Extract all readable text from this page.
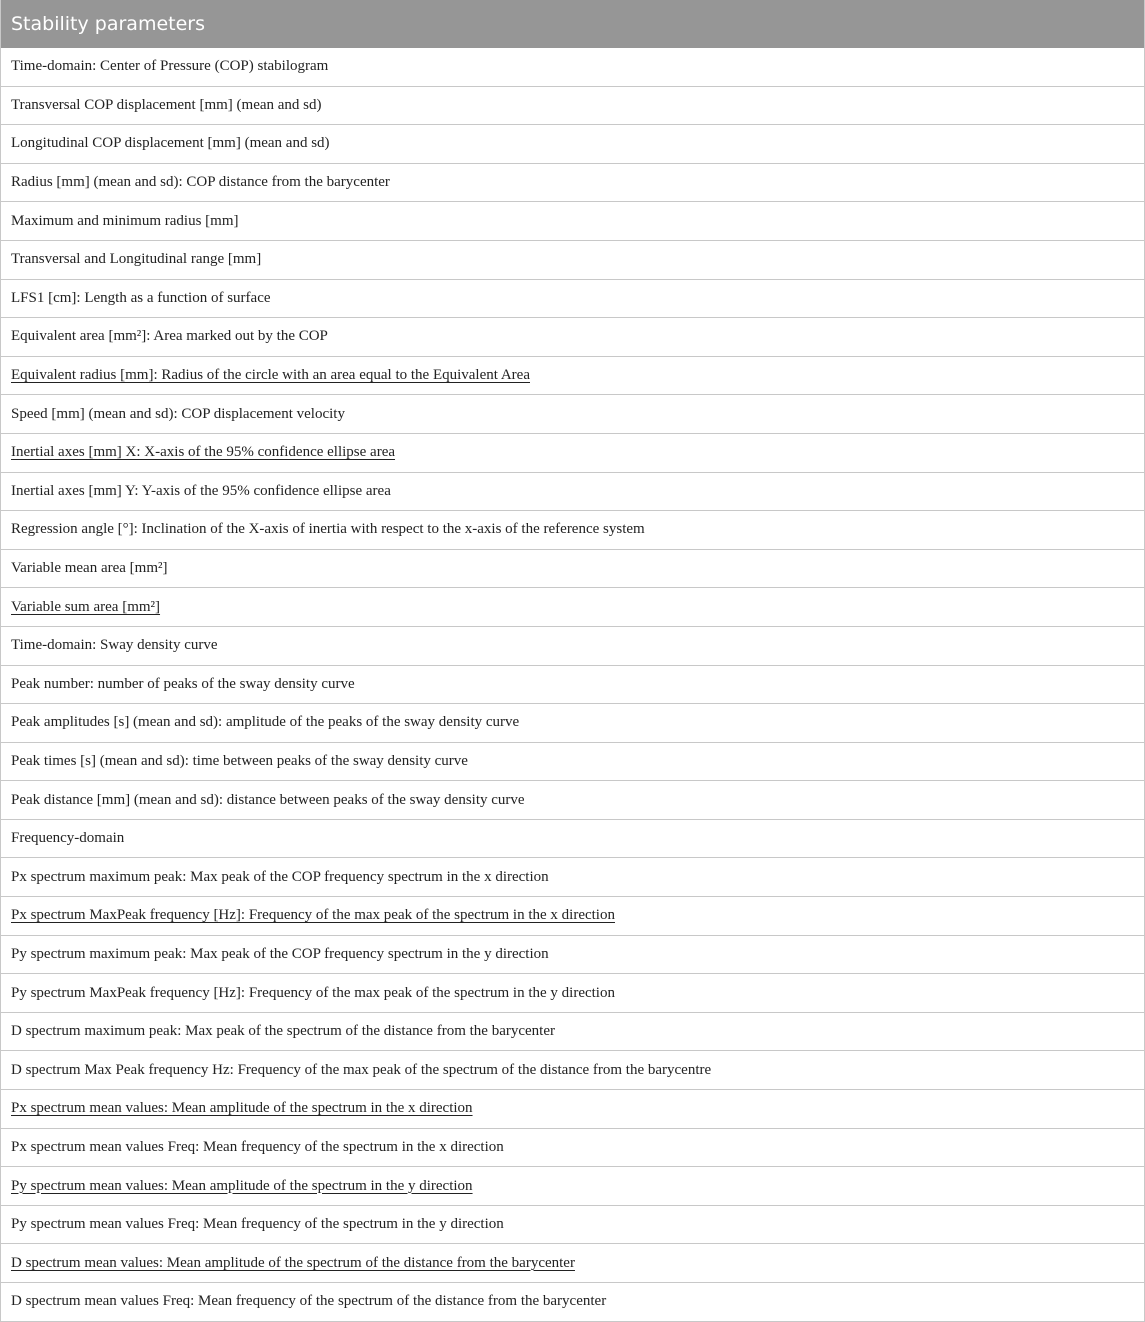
Stability parameters
Time-domain: Center of Pressure (COP) stabilogram
Transversal COP displacement [mm] (mean and sd)
Longitudinal COP displacement [mm] (mean and sd)
Radius [mm] (mean and sd): COP distance from the barycenter
Maximum and minimum radius [mm]
Transversal and Longitudinal range [mm]
LFS1 [cm]: Length as a function of surface
Equivalent area [mm²]: Area marked out by the COP
Equivalent radius [mm]: Radius of the circle with an area equal to the Equivalent Area
Speed [mm] (mean and sd): COP displacement velocity
Inertial axes [mm] X: X-axis of the 95% confidence ellipse area
Inertial axes [mm] Y: Y-axis of the 95% confidence ellipse area
Regression angle [°]: Inclination of the X-axis of inertia with respect to the x-axis of the reference system
Variable mean area [mm²]
Variable sum area [mm²]
Time-domain: Sway density curve
Peak number: number of peaks of the sway density curve
Peak amplitudes [s] (mean and sd): amplitude of the peaks of the sway density curve
Peak times [s] (mean and sd): time between peaks of the sway density curve
Peak distance [mm] (mean and sd): distance between peaks of the sway density curve
Frequency-domain
Px spectrum maximum peak: Max peak of the COP frequency spectrum in the x direction
Px spectrum MaxPeak frequency [Hz]: Frequency of the max peak of the spectrum in the x direction
Py spectrum maximum peak: Max peak of the COP frequency spectrum in the y direction
Py spectrum MaxPeak frequency [Hz]: Frequency of the max peak of the spectrum in the y direction
D spectrum maximum peak: Max peak of the spectrum of the distance from the barycenter
D spectrum Max Peak frequency Hz: Frequency of the max peak of the spectrum of the distance from the barycentre
Px spectrum mean values: Mean amplitude of the spectrum in the x direction
Px spectrum mean values Freq: Mean frequency of the spectrum in the x direction
Py spectrum mean values: Mean amplitude of the spectrum in the y direction
Py spectrum mean values Freq: Mean frequency of the spectrum in the y direction
D spectrum mean values: Mean amplitude of the spectrum of the distance from the barycenter
D spectrum mean values Freq: Mean frequency of the spectrum of the distance from the barycenter
